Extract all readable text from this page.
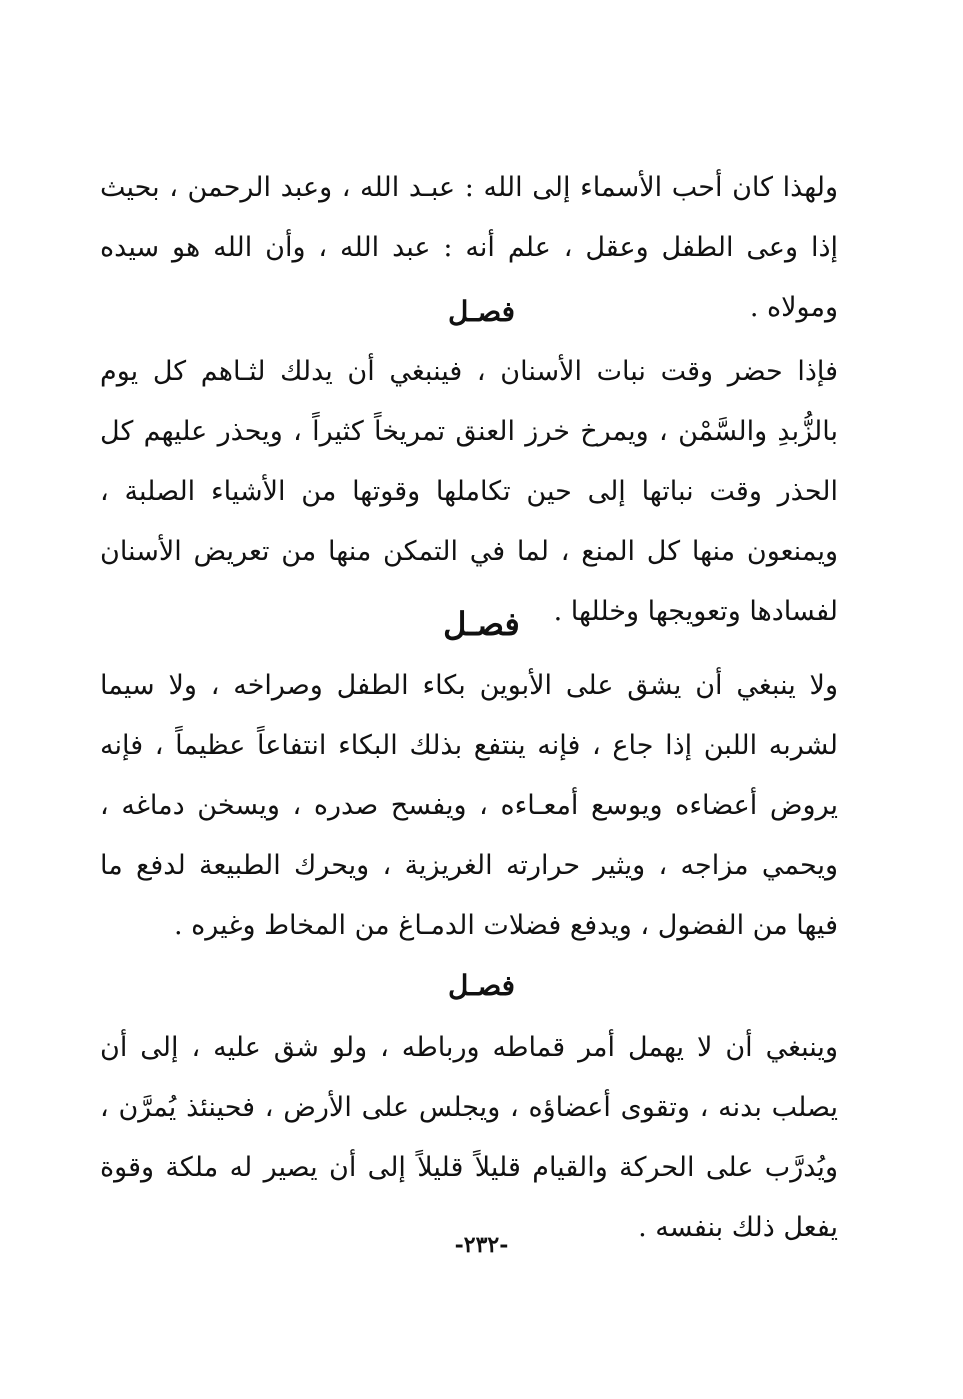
ولهذا كان أحب الأسماء إلى الله : عبـد الله ، وعبد الرحمن ، بحيث إذا وعى الطفل وعقل ، علم أنه : عبد الله ، وأن الله هو سيده ومولاه .

فصـل

فإذا حضر وقت نبات الأسنان ، فينبغي أن يدلك لثـاهم كل يوم بالزُّبدِ والسَّمْن ، ويمرخ خرز العنق تمريخاً كثيراً ، ويحذر عليهم كل الحذر وقت نباتها إلى حين تكاملها وقوتها من الأشياء الصلبة ، ويمنعون منها كل المنع ، لما في التمكن منها من تعريض الأسنان لفسادها وتعويجها وخللها .

فصـل

ولا ينبغي أن يشق على الأبوين بكاء الطفل وصراخه ، ولا سيما لشربه اللبن إذا جاع ، فإنه ينتفع بذلك البكاء انتفاعاً عظيماً ، فإنه يروض أعضاءه ويوسع أمعـاءه ، ويفسح صدره ، ويسخن دماغه ، ويحمي مزاجه ، ويثير حرارته الغريزية ، ويحرك الطبيعة لدفع ما فيها من الفضول ، ويدفع فضلات الدمـاغ من المخاط وغيره .

فصـل

وينبغي أن لا يهمل أمر قماطه ورباطه ، ولو شق عليه ، إلى أن يصلب بدنه ، وتقوى أعضاؤه ، ويجلس على الأرض ، فحينئذ يُمرَّن ، ويُدرَّب على الحركة والقيام قليلاً قليلاً إلى أن يصير له ملكة وقوة يفعل ذلك بنفسه .

-٢٣٢-
